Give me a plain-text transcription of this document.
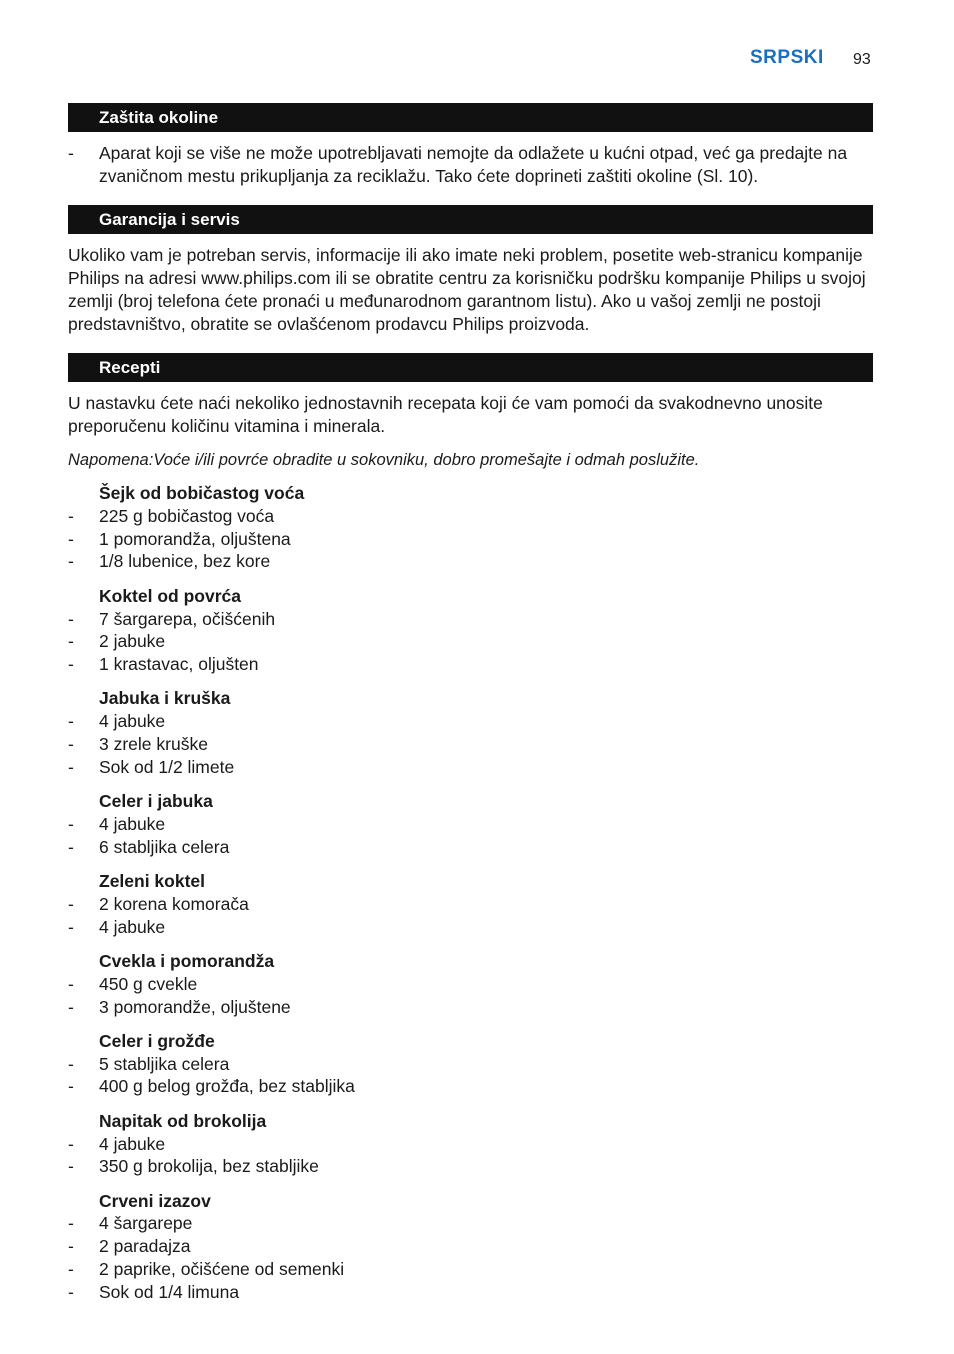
SRPSKI 93
Zaštita okoline
- Aparat koji se više ne može upotrebljavati nemojte da odlažete u kućni otpad, već ga predajte na zvaničnom mestu prikupljanja za reciklažu. Tako ćete doprineti zaštiti okoline (Sl. 10).
Garancija i servis
Ukoliko vam je potreban servis, informacije ili ako imate neki problem, posetite web-stranicu kompanije Philips na adresi www.philips.com ili se obratite centru za korisničku podršku kompanije Philips u svojoj zemlji (broj telefona ćete pronaći u međunarodnom garantnom listu). Ako u vašoj zemlji ne postoji predstavništvo, obratite se ovlašćenom prodavcu Philips proizvoda.
Recepti
U nastavku ćete naći nekoliko jednostavnih recepata koji će vam pomoći da svakodnevno unosite preporučenu količinu vitamina i minerala.
Napomena:Voće i/ili povrće obradite u sokovniku, dobro promešajte i odmah poslužite.
Šejk od bobičastog voća
- 225 g bobičastog voća
- 1 pomorandža, oljuštena
- 1/8 lubenice, bez kore
Koktel od povrća
- 7 šargarepa, očišćenih
- 2 jabuke
- 1 krastavac, oljušten
Jabuka i kruška
- 4 jabuke
- 3 zrele kruške
- Sok od 1/2 limete
Celer i jabuka
- 4 jabuke
- 6 stabljika celera
Zeleni koktel
- 2 korena komorača
- 4 jabuke
Cvekla i pomorandža
- 450 g cvekle
- 3 pomorandže, oljuštene
Celer i grožđe
- 5 stabljika celera
- 400 g belog grožđa, bez stabljika
Napitak od brokolija
- 4 jabuke
- 350 g brokolija, bez stabljike
Crveni izazov
- 4 šargarepe
- 2 paradajza
- 2 paprike, očišćene od semenki
- Sok od 1/4 limuna
